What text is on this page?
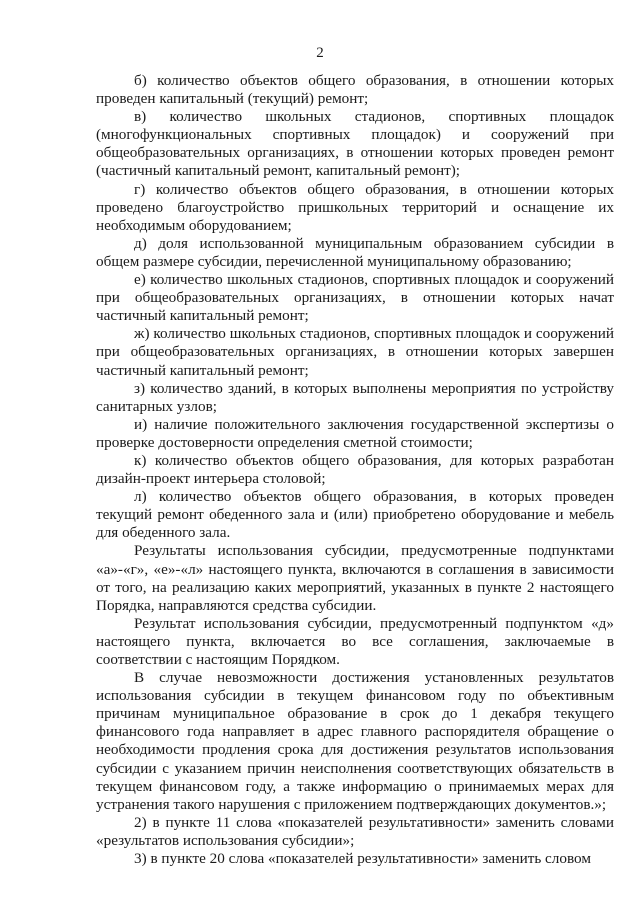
2

б) количество объектов общего образования, в отношении которых проведен капитальный (текущий) ремонт;

в) количество школьных стадионов, спортивных площадок (многофункциональных спортивных площадок) и сооружений при общеобразовательных организациях, в отношении которых проведен ремонт (частичный капитальный ремонт, капитальный ремонт);

г) количество объектов общего образования, в отношении которых проведено благоустройство пришкольных территорий и оснащение их необходимым оборудованием;

д) доля использованной муниципальным образованием субсидии в общем размере субсидии, перечисленной муниципальному образованию;

е) количество школьных стадионов, спортивных площадок и сооружений при общеобразовательных организациях, в отношении которых начат частичный капитальный ремонт;

ж) количество школьных стадионов, спортивных площадок и сооружений при общеобразовательных организациях, в отношении которых завершен частичный капитальный ремонт;

з) количество зданий, в которых выполнены мероприятия по устройству санитарных узлов;

и) наличие положительного заключения государственной экспертизы о проверке достоверности определения сметной стоимости;

к) количество объектов общего образования, для которых разработан дизайн-проект интерьера столовой;

л) количество объектов общего образования, в которых проведен текущий ремонт обеденного зала и (или) приобретено оборудование и мебель для обеденного зала.

Результаты использования субсидии, предусмотренные подпунктами «а»-«г», «е»-«л» настоящего пункта, включаются в соглашения в зависимости от того, на реализацию каких мероприятий, указанных в пункте 2 настоящего Порядка, направляются средства субсидии.

Результат использования субсидии, предусмотренный подпунктом «д» настоящего пункта, включается во все соглашения, заключаемые в соответствии с настоящим Порядком.

В случае невозможности достижения установленных результатов использования субсидии в текущем финансовом году по объективным причинам муниципальное образование в срок до 1 декабря текущего финансового года направляет в адрес главного распорядителя обращение о необходимости продления срока для достижения результатов использования субсидии с указанием причин неисполнения соответствующих обязательств в текущем финансовом году, а также информацию о принимаемых мерах для устранения такого нарушения с приложением подтверждающих документов.»;

2) в пункте 11 слова «показателей результативности» заменить словами «результатов использования субсидии»;

3) в пункте 20 слова «показателей результативности» заменить словом
